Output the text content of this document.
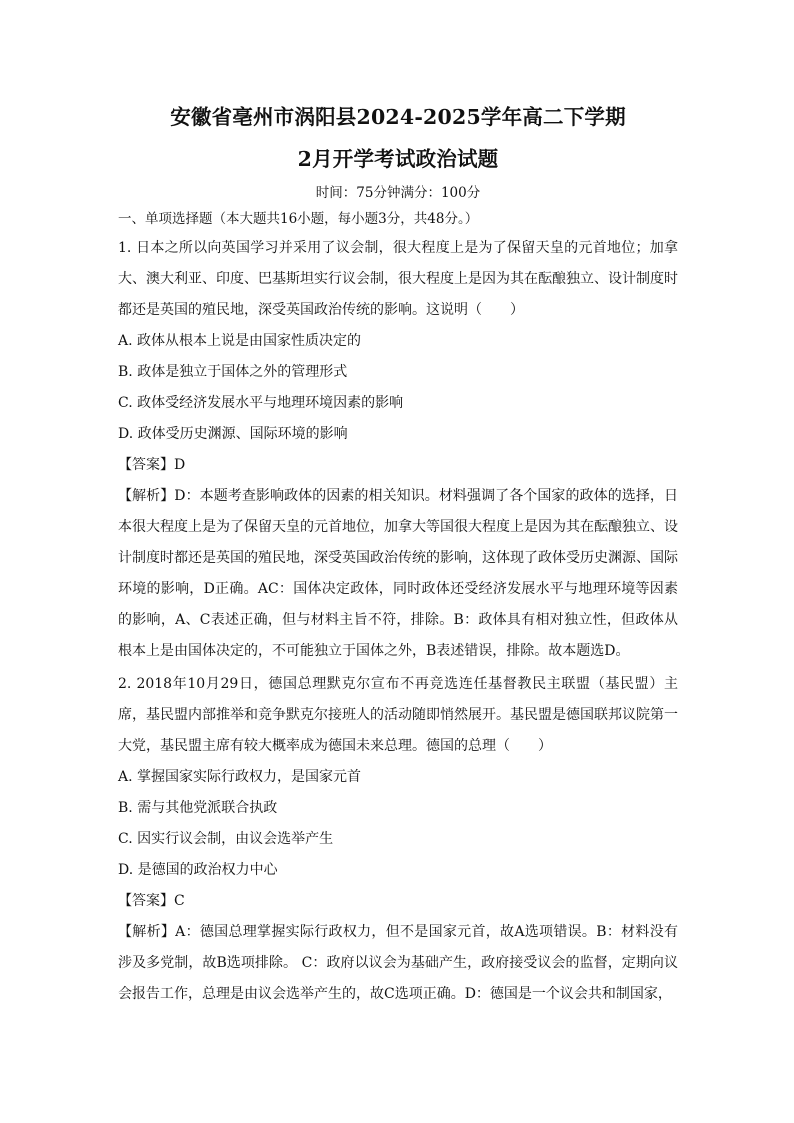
安徽省亳州市涡阳县2024-2025学年高二下学期
2月开学考试政治试题
时间：75分钟满分：100分
一、单项选择题（本大题共16小题，每小题3分，共48分。）

1. 日本之所以向英国学习并采用了议会制，很大程度上是为了保留天皇的元首地位；加拿大、澳大利亚、印度、巴基斯坦实行议会制，很大程度上是因为其在酝酿独立、设计制度时都还是英国的殖民地，深受英国政治传统的影响。这说明（　　）

A. 政体从根本上说是由国家性质决定的

B. 政体是独立于国体之外的管理形式

C. 政体受经济发展水平与地理环境因素的影响

D. 政体受历史渊源、国际环境的影响

【答案】D

【解析】D：本题考查影响政体的因素的相关知识。材料强调了各个国家的政体的选择，日本很大程度上是为了保留天皇的元首地位，加拿大等国很大程度上是因为其在酝酿独立、设计制度时都还是英国的殖民地，深受英国政治传统的影响，这体现了政体受历史渊源、国际环境的影响，D正确。AC：国体决定政体，同时政体还受经济发展水平与地理环境等因素的影响，A、C表述正确，但与材料主旨不符，排除。B：政体具有相对独立性，但政体从根本上是由国体决定的，不可能独立于国体之外，B表述错误，排除。故本题选D。

2. 2018年10月29日，德国总理默克尔宣布不再竞选连任基督教民主联盟（基民盟）主席，基民盟内部推举和竞争默克尔接班人的活动随即悄然展开。基民盟是德国联邦议院第一大党，基民盟主席有较大概率成为德国未来总理。德国的总理（　　）

A. 掌握国家实际行政权力，是国家元首

B. 需与其他党派联合执政

C. 因实行议会制，由议会选举产生

D. 是德国的政治权力中心

【答案】C

【解析】A：德国总理掌握实际行政权力，但不是国家元首，故A选项错误。B：材料没有涉及多党制，故B选项排除。 C：政府以议会为基础产生，政府接受议会的监督，定期向议会报告工作，总理是由议会选举产生的，故C选项正确。D：德国是一个议会共和制国家，
